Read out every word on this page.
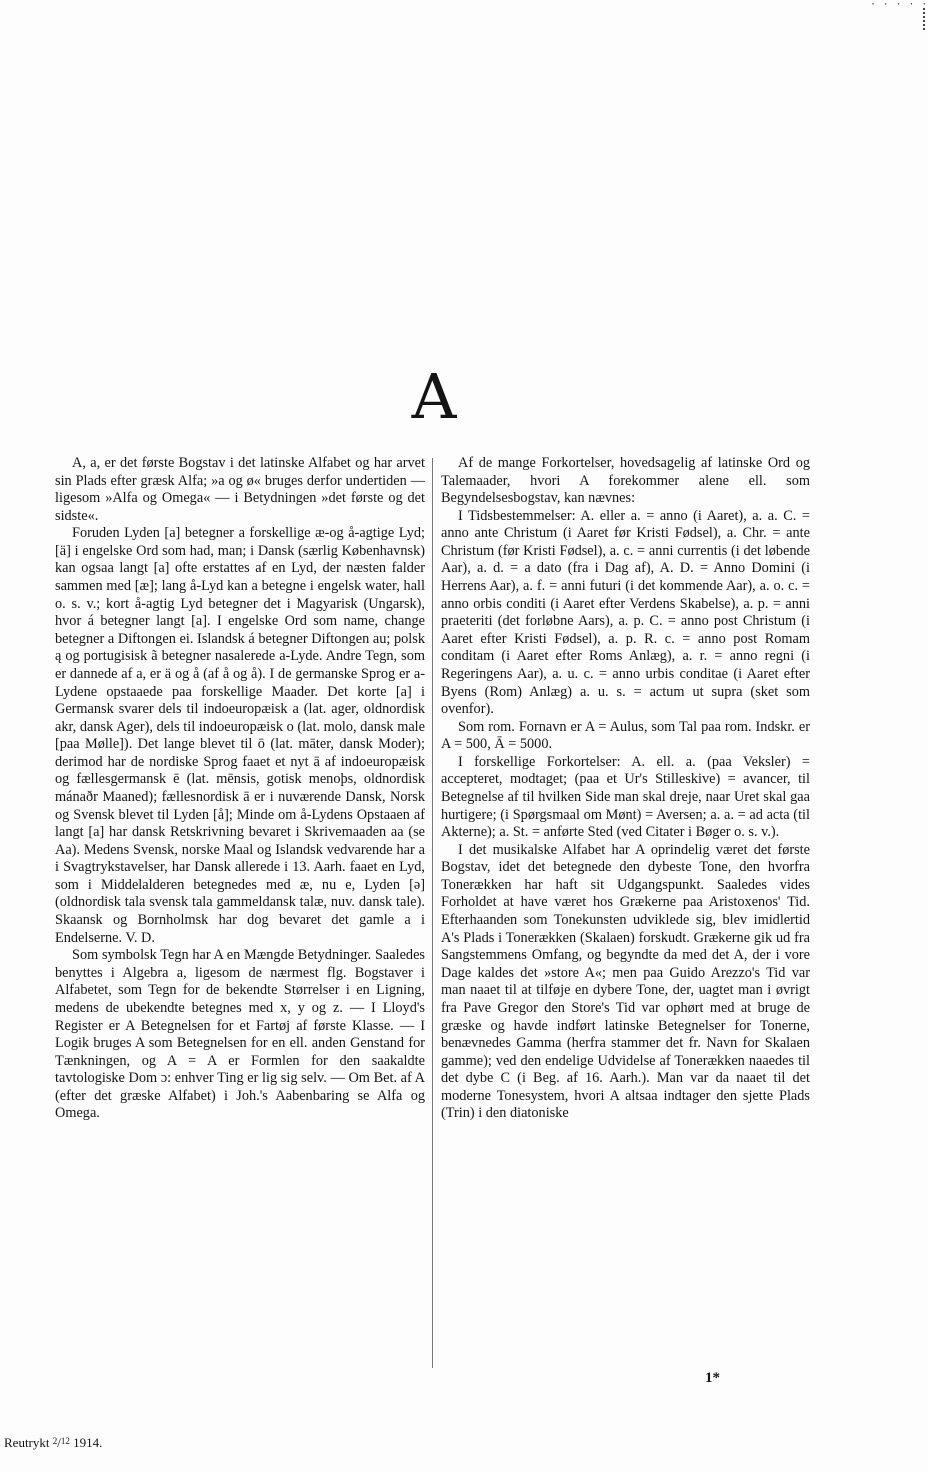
· · · · ·
A

A, a, er det første Bogstav i det latinske Alfabet og har arvet sin Plads efter græsk Alfa; »a og ø« bruges derfor undertiden — ligesom »Alfa og Omega« — i Betydningen »det første og det sidste«.

Foruden Lyden [a] betegner a forskellige æ-og å-agtige Lyd; [ä] i engelske Ord som had, man; i Dansk (særlig Københavnsk) kan ogsaa langt [a] ofte erstattes af en Lyd, der næsten falder sammen med [æ]; lang å-Lyd kan a betegne i engelsk water, hall o. s. v.; kort å-agtig Lyd betegner det i Magyarisk (Ungarsk), hvor á betegner langt [a]. I engelske Ord som name, change betegner a Diftongen ei. Islandsk á betegner Diftongen au; polsk ą og portugisisk ã betegner nasalerede a-Lyde. Andre Tegn, som er dannede af a, er ä og å (af å og å). I de germanske Sprog er a-Lydene opstaaede paa forskellige Maader. Det korte [a] i Germansk svarer dels til indoeuropæisk a (lat. ager, oldnordisk akr, dansk Ager), dels til indoeuropæisk o (lat. molo, dansk male [paa Mølle]). Det lange blevet til ō (lat. māter, dansk Moder); derimod har de nordiske Sprog faaet et nyt ā af indoeuropæisk og fællesgermansk ē (lat. mēnsis, gotisk menoþs, oldnordisk mánaðr Maaned); fællesnordisk ā er i nuværende Dansk, Norsk og Svensk blevet til Lyden [å]; Minde om å-Lydens Opstaaen af langt [a] har dansk Retskrivning bevaret i Skrivemaaden aa (se Aa). Medens Svensk, norske Maal og Islandsk vedvarende har a i Svagtrykstavelser, har Dansk allerede i 13. Aarh. faaet en Lyd, som i Middelalderen betegnedes med æ, nu e, Lyden [ə] (oldnordisk tala svensk tala gammeldansk talæ, nuv. dansk tale). Skaansk og Bornholmsk har dog bevaret det gamle a i Endelserne. V. D.

Som symbolsk Tegn har A en Mængde Betydninger. Saaledes benyttes i Algebra a, ligesom de nærmest flg. Bogstaver i Alfabetet, som Tegn for de bekendte Størrelser i en Ligning, medens de ubekendte betegnes med x, y og z. — I Lloyd's Register er A Betegnelsen for et Fartøj af første Klasse. — I Logik bruges A som Betegnelsen for en ell. anden Genstand for Tænkningen, og A = A er Formlen for den saakaldte tavtologiske Dom ɔ: enhver Ting er lig sig selv. — Om Bet. af A (efter det græske Alfabet) i Joh.'s Aabenbaring se Alfa og Omega.

Af de mange Forkortelser, hovedsagelig af latinske Ord og Talemaader, hvori A forekommer alene ell. som Begyndelsesbogstav, kan nævnes:

I Tidsbestemmelser: A. eller a. = anno (i Aaret), a. a. C. = anno ante Christum (i Aaret før Kristi Fødsel), a. Chr. = ante Christum (før Kristi Fødsel), a. c. = anni currentis (i det løbende Aar), a. d. = a dato (fra i Dag af), A. D. = Anno Domini (i Herrens Aar), a. f. = anni futuri (i det kommende Aar), a. o. c. = anno orbis conditi (i Aaret efter Verdens Skabelse), a. p. = anni praeteriti (det forløbne Aars), a. p. C. = anno post Christum (i Aaret efter Kristi Fødsel), a. p. R. c. = anno post Romam conditam (i Aaret efter Roms Anlæg), a. r. = anno regni (i Regeringens Aar), a. u. c. = anno urbis conditae (i Aaret efter Byens (Rom) Anlæg) a. u. s. = actum ut supra (sket som ovenfor).

Som rom. Fornavn er A = Aulus, som Tal paa rom. Indskr. er A = 500, Ā = 5000.

I forskellige Forkortelser: A. ell. a. (paa Veksler) = accepteret, modtaget; (paa et Ur's Stilleskive) = avancer, til Betegnelse af til hvilken Side man skal dreje, naar Uret skal gaa hurtigere; (i Spørgsmaal om Mønt) = Aversen; a. a. = ad acta (til Akterne); a. St. = anførte Sted (ved Citater i Bøger o. s. v.).

I det musikalske Alfabet har A oprindelig været det første Bogstav, idet det betegnede den dybeste Tone, den hvorfra Tonerækken har haft sit Udgangspunkt. Saaledes vides Forholdet at have været hos Grækerne paa Aristoxenos' Tid. Efterhaanden som Tonekunsten udviklede sig, blev imidlertid A's Plads i Tonerækken (Skalaen) forskudt. Grækerne gik ud fra Sangstemmens Omfang, og begyndte da med det A, der i vore Dage kaldes det »store A«; men paa Guido Arezzo's Tid var man naaet til at tilføje en dybere Tone, der, uagtet man i øvrigt fra Pave Gregor den Store's Tid var ophørt med at bruge de græske og havde indført latinske Betegnelser for Tonerne, benævnedes Gamma (herfra stammer det fr. Navn for Skalaen gamme); ved den endelige Udvidelse af Tonerækken naaedes til det dybe C (i Beg. af 16. Aarh.). Man var da naaet til det moderne Tonesystem, hvori A altsaa indtager den sjette Plads (Trin) i den diatoniske

1*
Reutrykt $^2$/$^{12}$ 1914.
